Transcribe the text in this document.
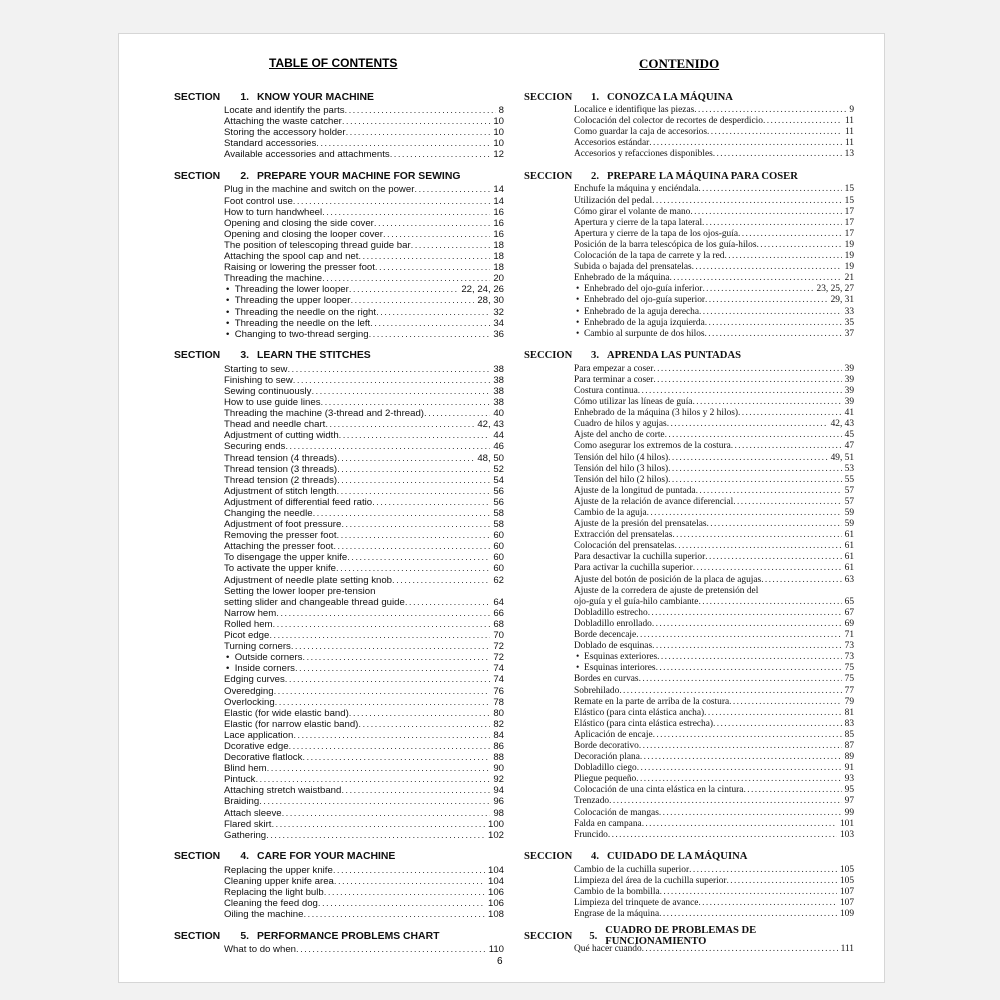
TABLE OF CONTENTS	CONTENIDO
SECTION	1. KNOW YOUR MACHINE
Locate and identify the parts .....	8
Attaching the waste catcher .....	10
Storing the accessory holder .....	10
Standard accessories .....	10
Available accessories and attachments .....	12
SECTION	2. PREPARE YOUR MACHINE FOR SEWING
Plug in the machine and switch on the power .....	14
Foot control use .....	14
How to turn handwheel .....	16
Opening and closing the side cover .....	16
Opening and closing the looper cover .....	16
The position of telescoping thread guide bar .....	18
Attaching the spool cap and net .....	18
Raising or lowering the presser foot .....	18
Threading the machine .....	20
•  Threading the lower looper .....	22, 24, 26
•  Threading the upper looper .....	28, 30
•  Threading the needle on the right .....	32
•  Threading the needle on the left .....	34
•  Changing to two-thread serging .....	36
SECTION	3. LEARN THE STITCHES
Starting to sew .....	38
Finishing to sew .....	38
Sewing continuously .....	38
How to use guide lines .....	38
Threading the machine (3-thread and 2-thread) .....	40
Thead and needle chart .....	42, 43
Adjustment of cutting width .....	44
Securing ends .....	46
Thread tension (4 threads) .....	48, 50
Thread tension (3 threads) .....	52
Thread tension (2 threads) .....	54
Adjustment of stitch length .....	56
Adjustment of differential feed ratio .....	56
Changing the needle .....	58
Adjustment of foot pressure .....	58
Removing the presser foot .....	60
Attaching the presser foot .....	60
To disengage the upper knife .....	60
To activate the upper knife .....	60
Adjustment of needle plate setting knob .....	62
Setting the lower looper pre-tension
setting slider and changeable thread guide .....	64
Narrow hem .....	66
Rolled hem .....	68
Picot edge .....	70
Turning corners .....	72
•  Outside corners .....	72
•  Inside corners .....	74
Edging curves .....	74
Overedging .....	76
Overlocking .....	78
Elastic (for wide elastic band) .....	80
Elastic (for narrow elastic band) .....	82
Lace application .....	84
Dcorative edge .....	86
Decorative flatlock .....	88
Blind hem .....	90
Pintuck .....	92
Attaching stretch waistband .....	94
Braiding .....	96
Attach sleeve .....	98
Flared skirt .....	100
Gathering .....	102
SECTION	4. CARE FOR YOUR MACHINE
Replacing the upper knife .....	104
Cleaning upper knife area .....	104
Replacing the light bulb .....	106
Cleaning the feed dog .....	106
Oiling the machine .....	108
SECTION	5. PERFORMANCE PROBLEMS CHART
What to do when .....	110
SECCION	1. CONOZCA LA MÁQUINA
Localice e identifique las piezas .....	9
Colocación del colector de recortes de desperdicio .....	11
Como guardar la caja de accesorios .....	11
Accesorios estándar .....	11
Accesorios y refacciones disponibles .....	13
SECCION	2. PREPARE LA MÁQUINA PARA COSER
Enchufe la máquina y enciéndala .....	15
Utilización del pedal .....	15
Cómo girar el volante de mano .....	17
Apertura y cierre de la tapa lateral .....	17
Apertura y cierre de la tapa de los ojos-guía .....	17
Posición de la barra telescópica de los guía-hilos .....	19
Colocación de la tapa de carrete y la red .....	19
Subida o bajada del prensatelas .....	19
Enhebrado de la máquina .....	21
•  Enhebrado del ojo-guía inferior .....	23, 25, 27
•  Enhebrado del ojo-guía superior .....	29, 31
•  Enhebrado de la aguja derecha .....	33
•  Enhebrado de la aguja izquierda .....	35
•  Cambio al surpunte de dos hilos .....	37
SECCION	3. APRENDA LAS PUNTADAS
Para empezar a coser .....	39
Para terminar a coser .....	39
Costura continua .....	39
Cómo utilizar las líneas de guía .....	39
Enhebrado de la máquina (3 hilos y 2 hilos) .....	41
Cuadro de hilos y agujas .....	42, 43
Ajste del ancho de corte .....	45
Como asegurar los extremos de la costura .....	47
Tensión del hilo (4 hilos) .....	49, 51
Tensión del hilo (3 hilos) .....	53
Tensión del hilo (2 hilos) .....	55
Ajuste de la longitud de puntada .....	57
Ajuste de la relación de avance diferencial .....	57
Cambio de la aguja .....	59
Ajuste de la presión del prensatelas .....	59
Extracción del prensatelas .....	61
Colocación del prensatelas .....	61
Para desactivar la cuchilla superior .....	61
Para activar la cuchilla superior .....	61
Ajuste del botón de posición de la placa de agujas .....	63
Ajuste de la corredera de ajuste de pretensión del
ojo-guía y el guía-hilo cambiante .....	65
Dobladillo estrecho .....	67
Dobladillo enrollado .....	69
Borde decencaje .....	71
Doblado de esquinas .....	73
•  Esquinas exteriores .....	73
•  Esquinas interiores .....	75
Bordes en curvas .....	75
Sobrehilado .....	77
Remate en la parte de arriba de la costura .....	79
Elástico (para cinta elástica ancha) .....	81
Elástico (para cinta elástica estrecha) .....	83
Aplicación de encaje .....	85
Borde decorativo .....	87
Decoración plana .....	89
Dobladillo ciego .....	91
Pliegue pequeño .....	93
Colocación de una cinta elástica en la cintura .....	95
Trenzado .....	97
Colocación de mangas .....	99
Falda en campana .....	101
Fruncido .....	103
SECCION	4. CUIDADO DE LA MÁQUINA
Cambio de la cuchilla superior .....	105
Limpieza del área de la cuchilla superior .....	105
Cambio de la bombilla .....	107
Limpieza del trinquete de avance .....	107
Engrase de la máquina .....	109
SECCION	5. CUADRO DE PROBLEMAS DE FUNCIONAMIENTO
Qué hacer cuando .....	111
6
